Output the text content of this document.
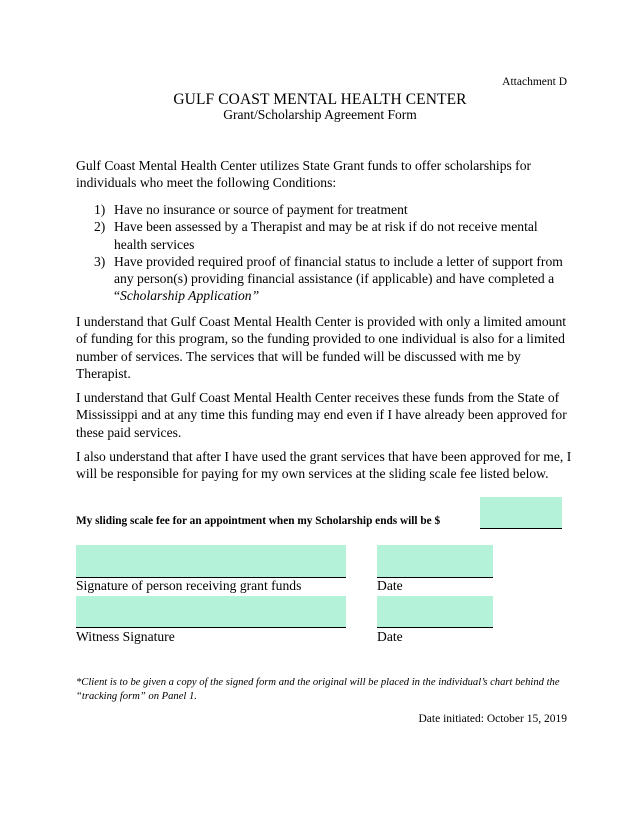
Attachment D
GULF COAST MENTAL HEALTH CENTER
Grant/Scholarship Agreement Form
Gulf Coast Mental Health Center utilizes State Grant funds to offer scholarships for individuals who meet the following Conditions:
1) Have no insurance or source of payment for treatment
2) Have been assessed by a Therapist and may be at risk if do not receive mental health services
3) Have provided required proof of financial status to include a letter of support from any person(s) providing financial assistance (if applicable) and have completed a “Scholarship Application”
I understand that Gulf Coast Mental Health Center is provided with only a limited amount of funding for this program, so the funding provided to one individual is also for a limited number of services. The services that will be funded will be discussed with me by Therapist.
I understand that Gulf Coast Mental Health Center receives these funds from the State of Mississippi and at any time this funding may end even if I have already been approved for these paid services.
I also understand that after I have used the grant services that have been approved for me, I will be responsible for paying for my own services at the sliding scale fee listed below.
My sliding scale fee for an appointment when my Scholarship ends will be $
Signature of person receiving grant funds	Date
Witness Signature	Date
*Client is to be given a copy of the signed form and the original will be placed in the individual’s chart behind the “tracking form” on Panel 1.
Date initiated: October 15, 2019
